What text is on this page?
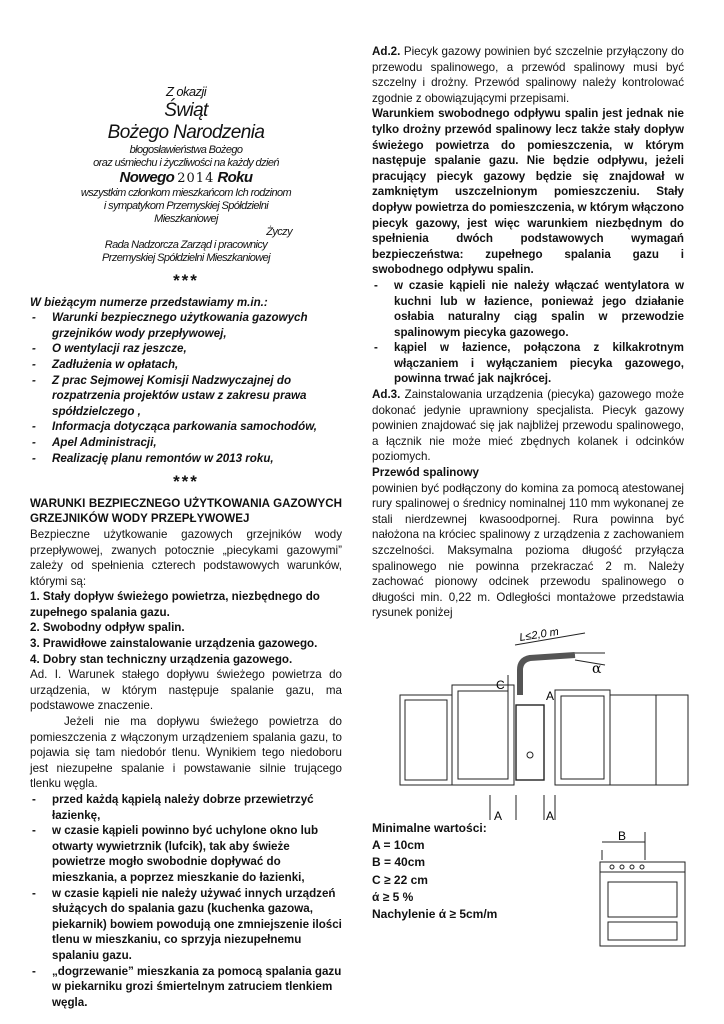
Z okazji
Świąt
Bożego Narodzenia
błogosławieństwa Bożego
oraz uśmiechu i życzliwości na każdy dzień
Nowego 2014 Roku
wszystkim członkom mieszkańcom Ich rodzinom
i sympatykom Przemyskiej Spółdzielni
Mieszkaniowej
Życzy
Rada Nadzorcza Zarząd i pracownicy
Przemyskiej Spółdzielni Mieszkaniowej
***
W bieżącym numerze przedstawiamy m.in.:
- Warunki bezpiecznego użytkowania gazowych grzejników wody przepływowej,
- O wentylacji raz jeszcze,
- Zadłużenia w opłatach,
- Z prac Sejmowej Komisji Nadzwyczajnej do rozpatrzenia projektów ustaw z zakresu prawa spółdzielczego ,
- Informacja dotycząca parkowania samochodów,
- Apel Administracji,
- Realizację planu remontów w 2013 roku,
***
WARUNKI BEZPIECZNEGO UŻYTKOWANIA GAZOWYCH GRZEJNIKÓW WODY PRZEPŁYWOWEJ
Bezpieczne użytkowanie gazowych grzejników wody przepływowej, zwanych potocznie „piecykami gazowymi” zależy od spełnienia czterech podstawowych warunków, którymi są:
1. Stały dopływ świeżego powietrza, niezbędnego do zupełnego spalania gazu.
2. Swobodny odpływ spalin.
3. Prawidłowe zainstalowanie urządzenia gazowego.
4. Dobry stan techniczny urządzenia gazowego.
Ad. I. Warunek stałego dopływu świeżego powietrza do urządzenia, w którym następuje spalanie gazu, ma podstawowe znaczenie.
Jeżeli nie ma dopływu świeżego powietrza do pomieszczenia z włączonym urządzeniem spalania gazu, to pojawia się tam niedobór tlenu. Wynikiem tego niedoboru jest niezupełne spalanie i powstawanie silnie trującego tlenku węgla.
- przed każdą kąpielą należy dobrze przewietrzyć łazienkę,
- w czasie kąpieli powinno być uchylone okno lub otwarty wywietrznik (lufcik), tak aby świeże powietrze mogło swobodnie dopływać do mieszkania, a poprzez mieszkanie do łazienki,
- w czasie kąpieli nie należy używać innych urządzeń służących do spalania gazu (kuchenka gazowa, piekarnik) bowiem powodują one zmniejszenie ilości tlenu w mieszkaniu, co sprzyja niezupełnemu spalaniu gazu.
- „dogrzewanie” mieszkania za pomocą spalania gazu w piekarniku grozi śmiertelnym zatruciem tlenkiem węgla.
Ad.2. Piecyk gazowy powinien być szczelnie przyłączony do przewodu spalinowego, a przewód spalinowy musi być szczelny i drożny. Przewód spalinowy należy kontrolować zgodnie z obowiązującymi przepisami.
Warunkiem swobodnego odpływu spalin jest jednak nie tylko drożny przewód spalinowy lecz także stały dopływ świeżego powietrza do pomieszczenia, w którym następuje spalanie gazu. Nie będzie odpływu, jeżeli pracujący piecyk gazowy będzie się znajdował w zamkniętym uszczelnionym pomieszczeniu. Stały dopływ powietrza do pomieszczenia, w którym włączono piecyk gazowy, jest więc warunkiem niezbędnym do spełnienia dwóch podstawowych wymagań bezpieczeństwa: zupełnego spalania gazu i swobodnego odpływu spalin.
- w czasie kąpieli nie należy włączać wentylatora w kuchni lub w łazience, ponieważ jego działanie osłabia naturalny ciąg spalin w przewodzie spalinowym piecyka gazowego.
- kąpiel w łazience, połączona z kilkakrotnym włączaniem i wyłączaniem piecyka gazowego, powinna trwać jak najkrócej.
Ad.3. Zainstalowania urządzenia (piecyka) gazowego może dokonać jedynie uprawniony specjalista. Piecyk gazowy powinien znajdować się jak najbliżej przewodu spalinowego, a łącznik nie może mieć zbędnych kolanek i odcinków poziomych.
Przewód spalinowy
powinien być podłączony do komina za pomocą atestowanej rury spalinowej o średnicy nominalnej 110 mm wykonanej ze stali nierdzewnej kwasoodpornej. Rura powinna być nałożona na króciec spalinowy z urządzenia z zachowaniem szczelności. Maksymalna pozioma długość przyłącza spalinowego nie powinna przekraczać 2 m. Należy zachować pionowy odcinek przewodu spalinowego o długości min. 0,22 m. Odległości montażowe przedstawia rysunek poniżej
C
A
A	A
L≤2,0 m
α
Minimalne wartości:
A = 10cm
B = 40cm
C ≥ 22 cm
ά ≥ 5 %
Nachylenie ά ≥ 5cm/m
B
